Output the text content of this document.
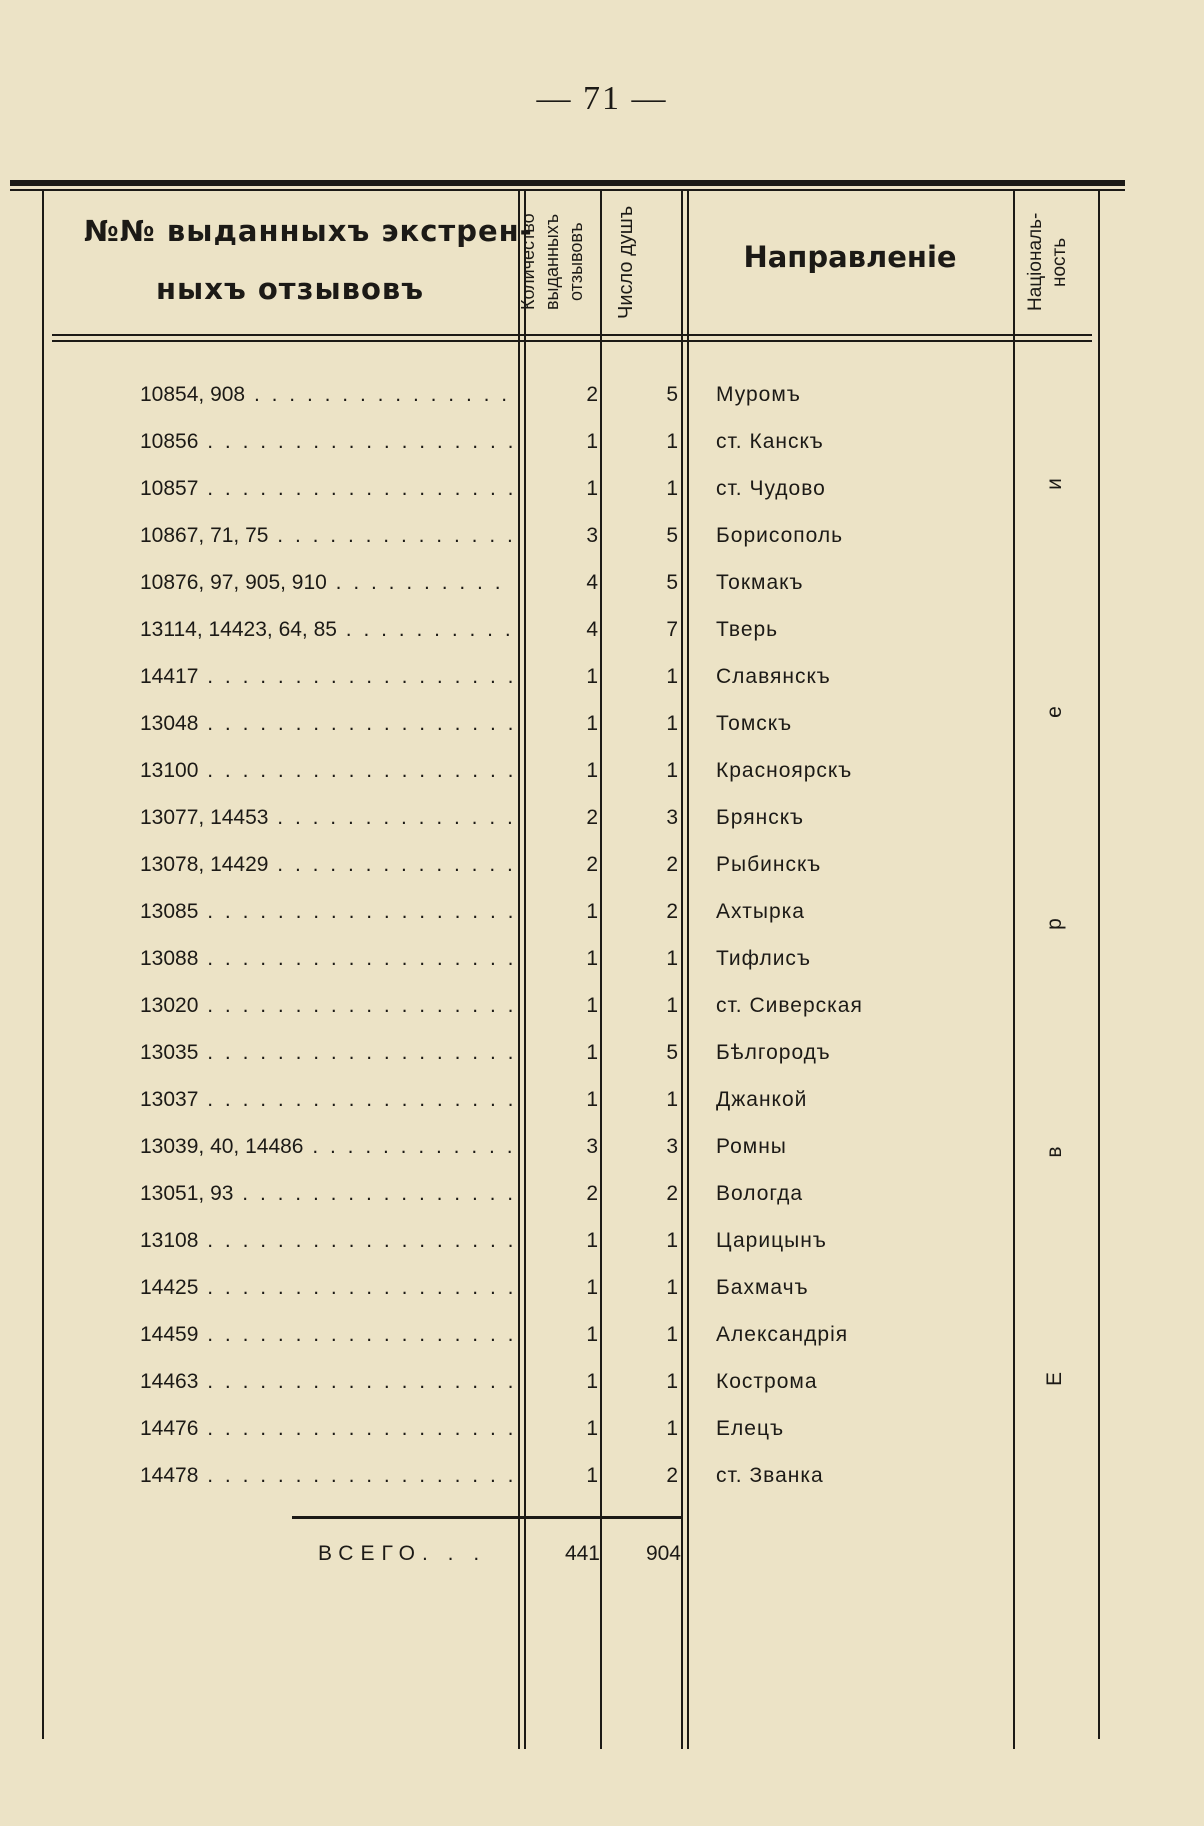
— 71 —
№№ выданныхъ экстрен-
ныхъ отзывовъ	Количество выданныхъ отзывовъ	Число душъ	Направленіе	Національ-ность
10854, 908 . . .	2	5 Муромъ
10856 . . .	1	1 ст. Канскъ
10857 . . .	1	1 ст. Чудово
10867, 71, 75 . . .	3	5 Борисополь
10876, 97, 905, 910 . . .	4	5 Токмакъ
13114, 14423, 64, 85 . . .	4	7 Тверь
14417 . . .	1	1 Славянскъ
13048 . . .	1	1 Томскъ
13100 . . .	1	1 Красноярскъ
13077, 14453 . . .	2	3 Брянскъ
13078, 14429 . . .	2	2 Рыбинскъ
13085 . . .	1	2 Ахтырка
13088 . . .	1	1 Тифлисъ
13020 . . .	1	1 ст. Сиверская
13035 . . .	1	5 Бѣлгородъ
13037 . . .	1	1 Джанкой
13039, 40, 14486 . . .	3	3 Ромны
13051, 93 . . .	2	2 Вологда
13108 . . .	1	1 Царицынъ
14425 . . .	1	1 Бахмачъ
14459 . . .	1	1 Александрія
14463 . . .	1	1 Кострома
14476 . . .	1	1 Елецъ
14478 . . .	1	2 ст. Званка
ВСЕГО. . .	441	904
и
е
р
в
Е
